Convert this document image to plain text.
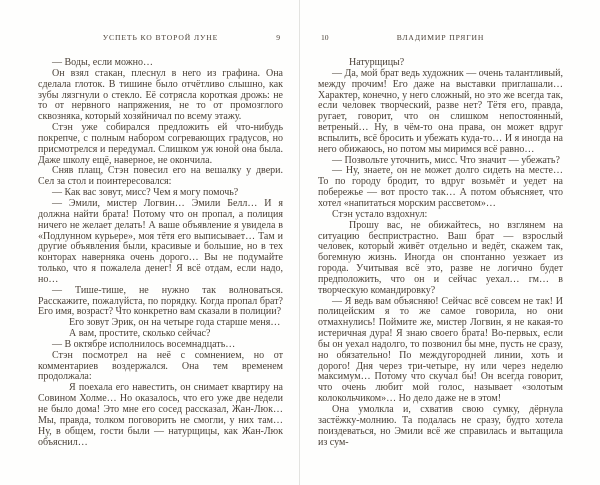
УСПЕТЬ КО ВТОРОЙ ЛУНЕ	9

— Воды, если можно…

Он взял стакан, плеснул в него из графина. Она сделала глоток. В тишине было отчётливо слышно, как зубы лязгнули о стекло. Её сотрясла короткая дрожь: не то от нервного напряжения, не то от промозглого сквозняка, который хозяйничал по всему этажу.

Стэн уже собирался предложить ей что-нибудь покрепче, с полным набором согревающих градусов, но присмотрелся и передумал. Слишком уж юной она была. Даже школу ещё, наверное, не окончила.

Сняв плащ, Стэн повесил его на вешалку у двери. Сел за стол и поинтересовался:

— Как вас зовут, мисс? Чем я могу помочь?

— Эмили, мистер Логвин… Эмили Белл… И я должна найти брата! Потому что он пропал, а полиция ничего не желает делать! А ваше объявление я увидела в «Подлунном курьере», моя тётя его выписывает… Там и другие объявления были, красивые и большие, но в тех конторах наверняка очень дорого… Вы не подумайте только, что я пожалела денег! Я всё отдам, если надо, но…

— Тише-тише, не нужно так волноваться. Расскажите, пожалуйста, по порядку. Когда пропал брат? Его имя, возраст? Что конкретно вам сказали в полиции?

Его зовут Эрик, он на четыре года старше меня…

А вам, простите, сколько сейчас?

— В октябре исполнилось восемнадцать…

Стэн посмотрел на неё с сомнением, но от комментариев воздержался. Она тем временем продолжала:

Я поехала его навестить, он снимает квартиру на Совином Холме… Но оказалось, что его уже две недели не было дома! Это мне его сосед рассказал, Жан-Люк… Мы, правда, толком поговорить не смогли, у них там… Ну, в общем, гости были — натурщицы, как Жан-Люк объяснил…

10	ВЛАДИМИР ПРЯГИН

Натурщицы?

— Да, мой брат ведь художник — очень талантливый, между прочим! Его даже на выставки приглашали… Характер, конечно, у него сложный, но это же всегда так, если человек творческий, разве нет? Тётя его, правда, ругает, говорит, что он слишком непостоянный, ветреный… Ну, в чём-то она права, он может вдруг вспылить, всё бросить и убежать куда-то… И я иногда на него обижаюсь, но потом мы миримся всё равно…

— Позвольте уточнить, мисс. Что значит — убежать?

— Ну, знаете, он не может долго сидеть на месте… То по городу бродит, то вдруг возьмёт и уедет на побережье — вот просто так… А потом объясняет, что хотел «напитаться морским рассветом»…

Стэн устало вздохнул:

Прошу вас, не обижайтесь, но взглянем на ситуацию беспристрастно. Ваш брат — взрослый человек, который живёт отдельно и ведёт, скажем так, богемную жизнь. Иногда он спонтанно уезжает из города. Учитывая всё это, разве не логично будет предположить, что он и сейчас уехал… гм… в творческую командировку?

— Я ведь вам объясняю! Сейчас всё совсем не так! И полицейским я то же самое говорила, но они отмахнулись! Поймите же, мистер Логвин, я не какая-то истеричная дура! Я знаю своего брата! Во-первых, если бы он уехал надолго, то позвонил бы мне, пусть не сразу, но обязательно! По междугородней линии, хоть и дорого! Дня через три-четыре, ну или через неделю максимум… Потому что скучал бы! Он всегда говорит, что очень любит мой голос, называет «золотым колокольчиком»… Но дело даже не в этом!

Она умолкла и, схватив свою сумку, дёрнула застёжку-молнию. Та подалась не сразу, будто хотела поиздеваться, но Эмили всё же справилась и вытащила из сум-
